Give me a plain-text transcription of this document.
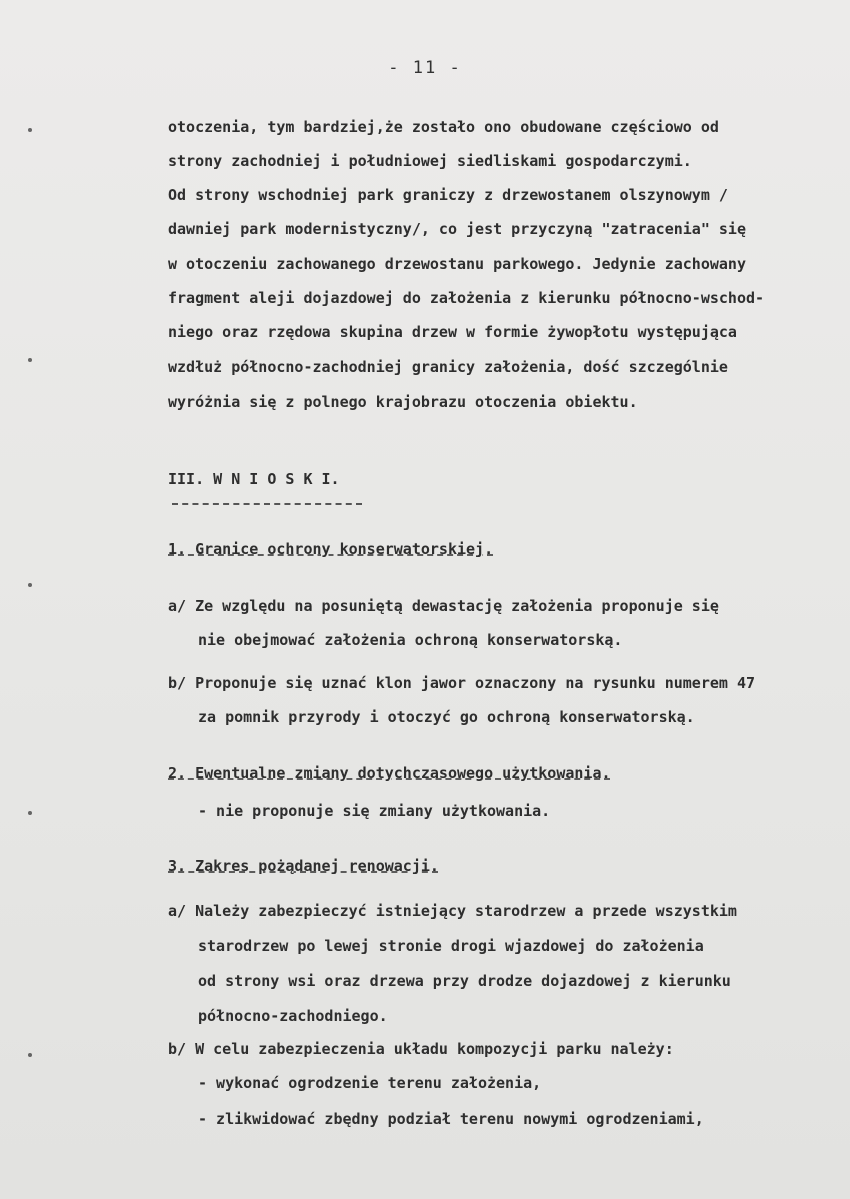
- 11 -
otoczenia, tym bardziej,że zostało ono obudowane częściowo od
strony zachodniej i południowej siedliskami gospodarczymi.
Od strony wschodniej park graniczy z drzewostanem olszynowym /
dawniej park modernistyczny/, co jest przyczyną "zatracenia" się
w otoczeniu zachowanego drzewostanu parkowego. Jedynie zachowany
fragment aleji dojazdowej do założenia z kierunku północno-wschod-
niego oraz rzędowa skupina drzew w formie żywopłotu występująca
wzdłuż północno-zachodniej granicy założenia, dość szczególnie
wyróżnia się z polnego krajobrazu otoczenia obiektu.
III. W N I O S K I.
1. Granice ochrony konserwatorskiej.
a/ Ze względu na posuniętą dewastację założenia proponuje się
nie obejmować założenia ochroną konserwatorską.
b/ Proponuje się uznać klon jawor oznaczony na rysunku numerem 47
za pomnik przyrody i otoczyć go ochroną konserwatorską.
2. Ewentualne zmiany dotychczasowego użytkowania.
- nie proponuje się zmiany użytkowania.
3. Zakres pożądanej renowacji.
a/ Należy zabezpieczyć istniejący starodrzew a przede wszystkim
starodrzew po lewej stronie drogi wjazdowej do założenia
od strony wsi oraz drzewa przy drodze dojazdowej z kierunku
północno-zachodniego.
b/ W celu zabezpieczenia układu kompozycji parku należy:
- wykonać ogrodzenie terenu założenia,
- zlikwidować zbędny podział terenu nowymi ogrodzeniami,
